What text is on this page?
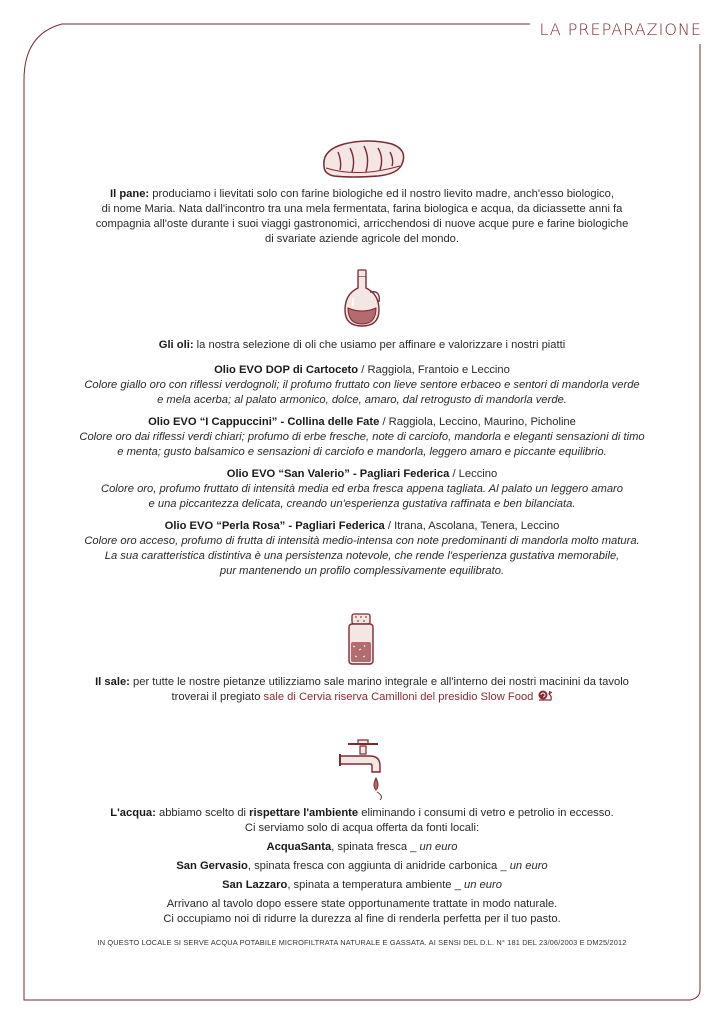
LA PREPARAZIONE

Il pane: produciamo i lievitati solo con farine biologiche ed il nostro lievito madre, anch'esso biologico,
di nome Maria. Nata dall'incontro tra una mela fermentata, farina biologica e acqua, da diciassette anni fa
compagnia all'oste durante i suoi viaggi gastronomici, arricchendosi di nuove acque pure e farine biologiche
di svariate aziende agricole del mondo.

Gli oli: la nostra selezione di oli che usiamo per affinare e valorizzare i nostri piatti

Olio EVO DOP di Cartoceto / Raggiola, Frantoio e Leccino

Colore giallo oro con riflessi verdognoli; il profumo fruttato con lieve sentore erbaceo e sentori di mandorla verde
e mela acerba; al palato armonico, dolce, amaro, dal retrogusto di mandorla verde.

Olio EVO “I Cappuccini” - Collina delle Fate / Raggiola, Leccino, Maurino, Picholine

Colore oro dai riflessi verdi chiari; profumo di erbe fresche, note di carciofo, mandorla e eleganti sensazioni di timo
e menta; gusto balsamico e sensazioni di carciofo e mandorla, leggero amaro e piccante equilibrio.

Olio EVO “San Valerio” - Pagliari Federica / Leccino

Colore oro, profumo fruttato di intensità media ed erba fresca appena tagliata. Al palato un leggero amaro
e una piccantezza delicata, creando un'esperienza gustativa raffinata e ben bilanciata.

Olio EVO “Perla Rosa” - Pagliari Federica / Itrana, Ascolana, Tenera, Leccino

Colore oro acceso, profumo di frutta di intensità medio-intensa con note predominanti di mandorla molto matura.
La sua caratteristica distintiva è una persistenza notevole, che rende l'esperienza gustativa memorabile,
pur mantenendo un profilo complessivamente equilibrato.

Il sale: per tutte le nostre pietanze utilizziamo sale marino integrale e all'interno dei nostri macinini da tavolo
troverai il pregiato sale di Cervia riserva Camilloni del presidio Slow Food

L'acqua: abbiamo scelto di rispettare l'ambiente eliminando i consumi di vetro e petrolio in eccesso.
Ci serviamo solo di acqua offerta da fonti locali:

AcquaSanta, spinata fresca _ un euro

San Gervasio, spinata fresca con aggiunta di anidride carbonica _ un euro

San Lazzaro, spinata a temperatura ambiente _ un euro

Arrivano al tavolo dopo essere state opportunamente trattate in modo naturale.
Ci occupiamo noi di ridurre la durezza al fine di renderla perfetta per il tuo pasto.

IN QUESTO LOCALE SI SERVE ACQUA POTABILE MICROFILTRATA NATURALE E GASSATA. AI SENSI DEL D.L. N° 181 DEL 23/06/2003 E DM25/2012
